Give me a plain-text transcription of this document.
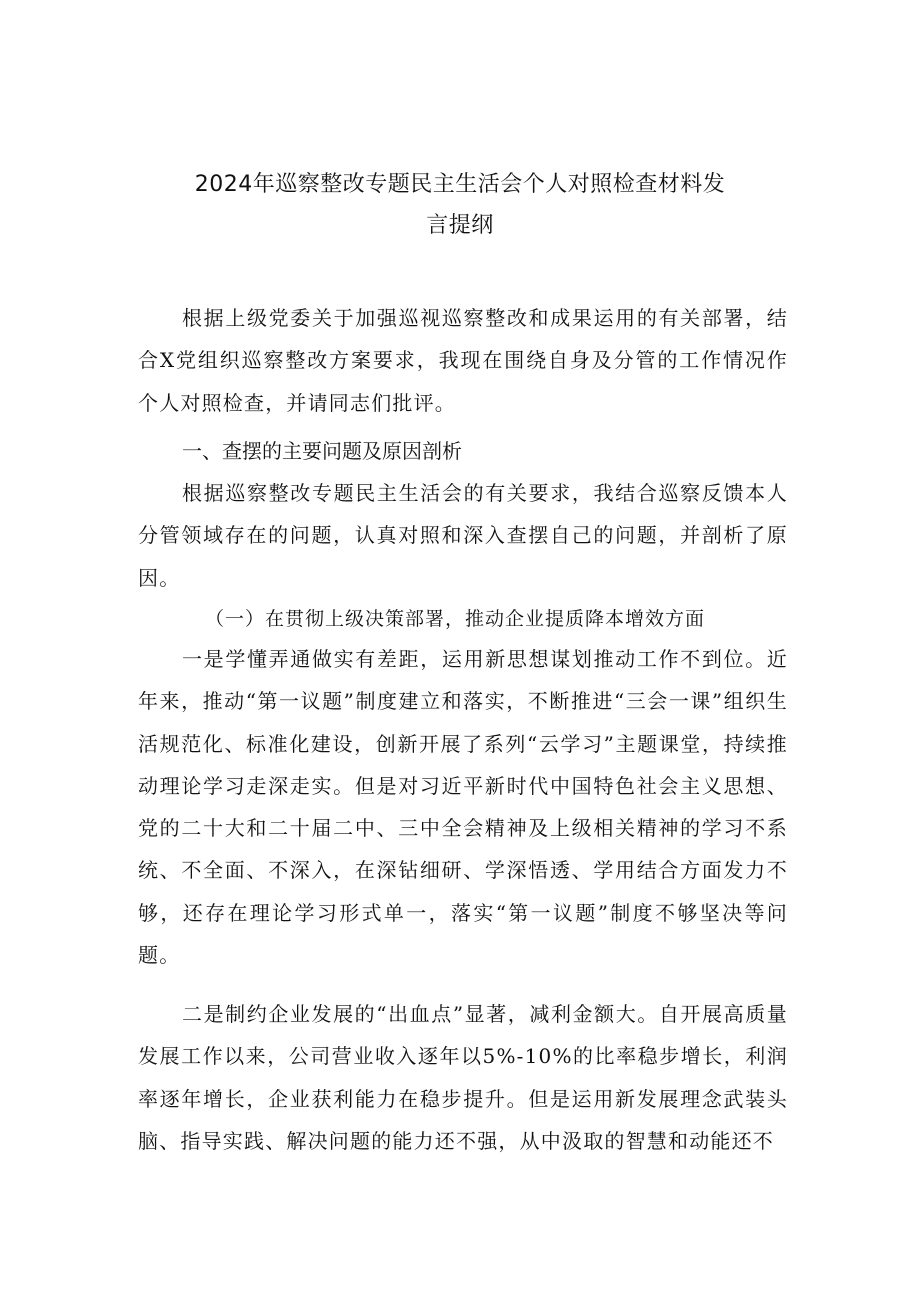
2024年巡察整改专题民主生活会个人对照检查材料发
言提纲

根据上级党委关于加强巡视巡察整改和成果运用的有关部署，结合X党组织巡察整改方案要求，我现在围绕自身及分管的工作情况作个人对照检查，并请同志们批评。

一、查摆的主要问题及原因剖析

根据巡察整改专题民主生活会的有关要求，我结合巡察反馈本人分管领域存在的问题，认真对照和深入查摆自己的问题，并剖析了原因。

（一）在贯彻上级决策部署，推动企业提质降本增效方面

一是学懂弄通做实有差距，运用新思想谋划推动工作不到位。近年来，推动“第一议题”制度建立和落实，不断推进“三会一课”组织生活规范化、标准化建设，创新开展了系列“云学习”主题课堂，持续推动理论学习走深走实。但是对习近平新时代中国特色社会主义思想、党的二十大和二十届二中、三中全会精神及上级相关精神的学习不系统、不全面、不深入，在深钻细研、学深悟透、学用结合方面发力不够，还存在理论学习形式单一，落实“第一议题”制度不够坚决等问题。

二是制约企业发展的“出血点”显著，减利金额大。自开展高质量发展工作以来，公司营业收入逐年以5%-10%的比率稳步增长，利润率逐年增长，企业获利能力在稳步提升。但是运用新发展理念武装头脑、指导实践、解决问题的能力还不强，从中汲取的智慧和动能还不
